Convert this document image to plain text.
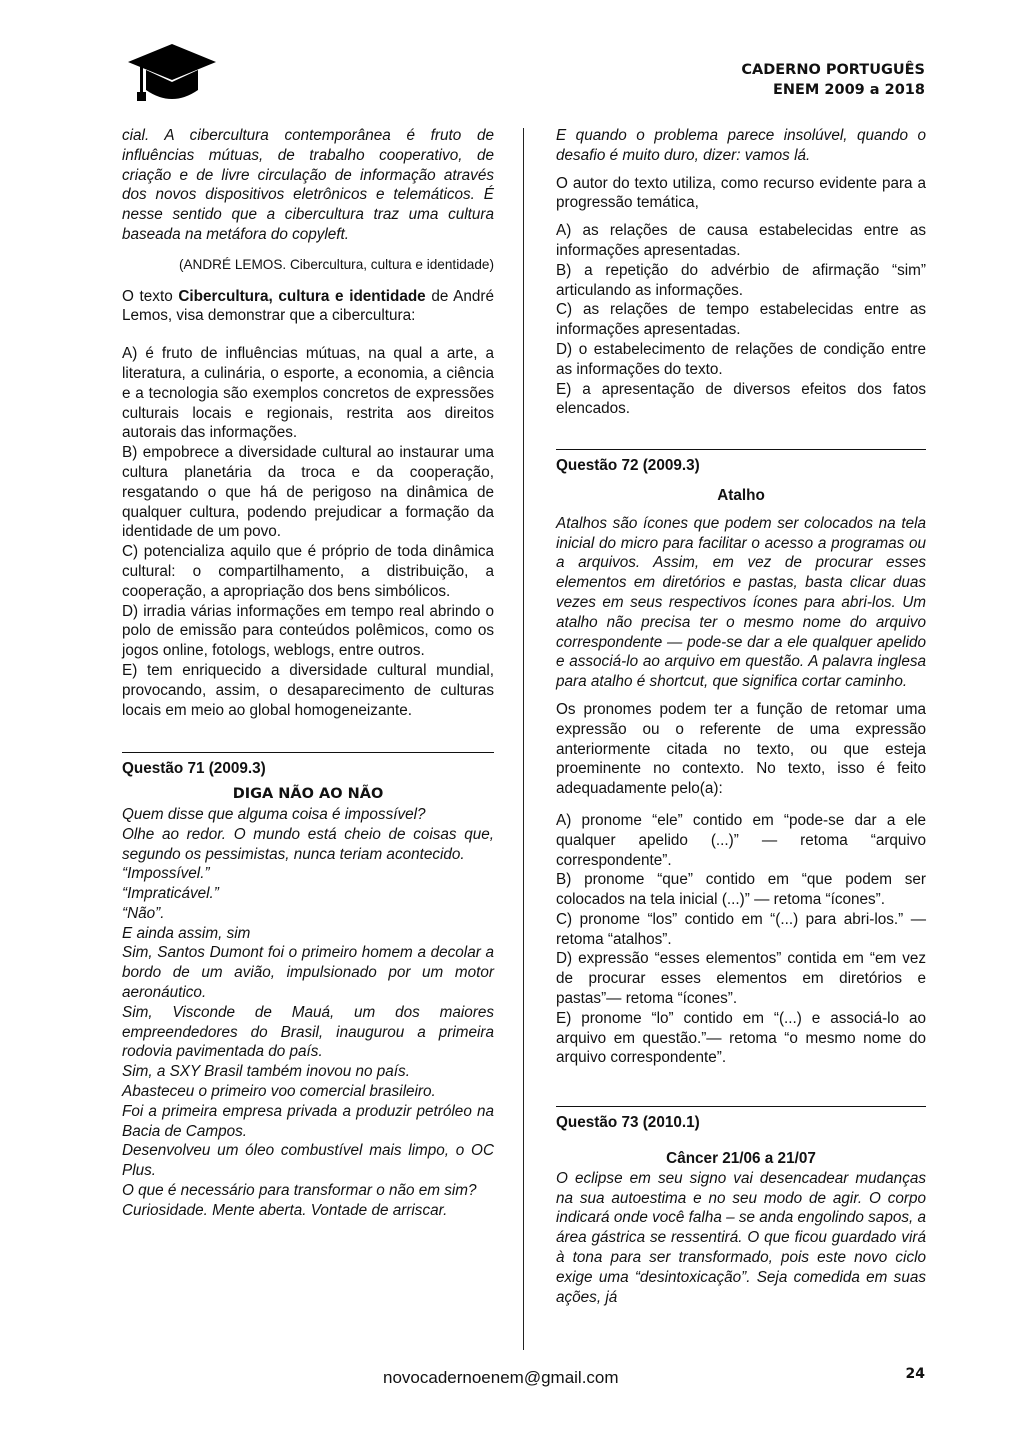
CADERNO PORTUGUÊS
ENEM 2009 a 2018

cial. A cibercultura contemporânea é fruto de influências mútuas, de trabalho cooperativo, de criação e de livre circulação de informação através dos novos dispositivos eletrônicos e telemáticos. É nesse sentido que a cibercultura traz uma cultura baseada na metáfora do copyleft.

(ANDRÉ LEMOS. Cibercultura, cultura e identidade)

O texto Cibercultura, cultura e identidade de André Lemos, visa demonstrar que a cibercultura:

A) é fruto de influências mútuas, na qual a arte, a literatura, a culinária, o esporte, a economia, a ciência e a tecnologia são exemplos concretos de expressões culturais locais e regionais, restrita aos direitos autorais das informações.

B) empobrece a diversidade cultural ao instaurar uma cultura planetária da troca e da cooperação, resgatando o que há de perigoso na dinâmica de qualquer cultura, podendo prejudicar a formação da identidade de um povo.

C) potencializa aquilo que é próprio de toda dinâmica cultural: o compartilhamento, a distribuição, a cooperação, a apropriação dos bens simbólicos.

D) irradia várias informações em tempo real abrindo o polo de emissão para conteúdos polêmicos, como os jogos online, fotologs, weblogs, entre outros.

E) tem enriquecido a diversidade cultural mundial, provocando, assim, o desaparecimento de culturas locais em meio ao global homogeneizante.

Questão 71 (2009.3)

DIGA NÃO AO NÃO

Quem disse que alguma coisa é impossível?

Olhe ao redor. O mundo está cheio de coisas que, segundo os pessimistas, nunca teriam acontecido.

“Impossível.”

“Impraticável.”

“Não”.

E ainda assim, sim

Sim, Santos Dumont foi o primeiro homem a decolar a bordo de um avião, impulsionado por um motor aeronáutico.

Sim, Visconde de Mauá, um dos maiores empreendedores do Brasil, inaugurou a primeira rodovia pavimentada do país.

Sim, a SXY Brasil também inovou no país.

Abasteceu o primeiro voo comercial brasileiro.

Foi a primeira empresa privada a produzir petróleo na Bacia de Campos.

Desenvolveu um óleo combustível mais limpo, o OC Plus.

O que é necessário para transformar o não em sim?

Curiosidade. Mente aberta. Vontade de arriscar.

E quando o problema parece insolúvel, quando o desafio é muito duro, dizer: vamos lá.

O autor do texto utiliza, como recurso evidente para a progressão temática,

A) as relações de causa estabelecidas entre as informações apresentadas.

B) a repetição do advérbio de afirmação “sim” articulando as informações.

C) as relações de tempo estabelecidas entre as informações apresentadas.

D) o estabelecimento de relações de condição entre as informações do texto.

E) a apresentação de diversos efeitos dos fatos elencados.

Questão 72 (2009.3)

Atalho

Atalhos são ícones que podem ser colocados na tela inicial do micro para facilitar o acesso a programas ou a arquivos. Assim, em vez de procurar esses elementos em diretórios e pastas, basta clicar duas vezes em seus respectivos ícones para abri-los. Um atalho não precisa ter o mesmo nome do arquivo correspondente — pode-se dar a ele qualquer apelido e associá-lo ao arquivo em questão. A palavra inglesa para atalho é shortcut, que significa cortar caminho.

Os pronomes podem ter a função de retomar uma expressão ou o referente de uma expressão anteriormente citada no texto, ou que esteja proeminente no contexto. No texto, isso é feito adequadamente pelo(a):

A) pronome “ele” contido em “pode-se dar a ele qualquer apelido (...)” — retoma “arquivo correspondente”.

B) pronome “que” contido em “que podem ser colocados na tela inicial (...)” — retoma “ícones”.

C) pronome “los” contido em “(...) para abri-los.” — retoma “atalhos”.

D) expressão “esses elementos” contida em “em vez de procurar esses elementos em diretórios e pastas”— retoma “ícones”.

E) pronome “lo” contido em “(...) e associá-lo ao arquivo em questão.”— retoma “o mesmo nome do arquivo correspondente”.

Questão 73 (2010.1)

Câncer 21/06 a 21/07

O eclipse em seu signo vai desencadear mudanças na sua autoestima e no seu modo de agir. O corpo indicará onde você falha – se anda engolindo sapos, a área gástrica se ressentirá. O que ficou guardado virá à tona para ser transformado, pois este novo ciclo exige uma “desintoxicação”. Seja comedida em suas ações, já

novocadernoenem@gmail.com	24
